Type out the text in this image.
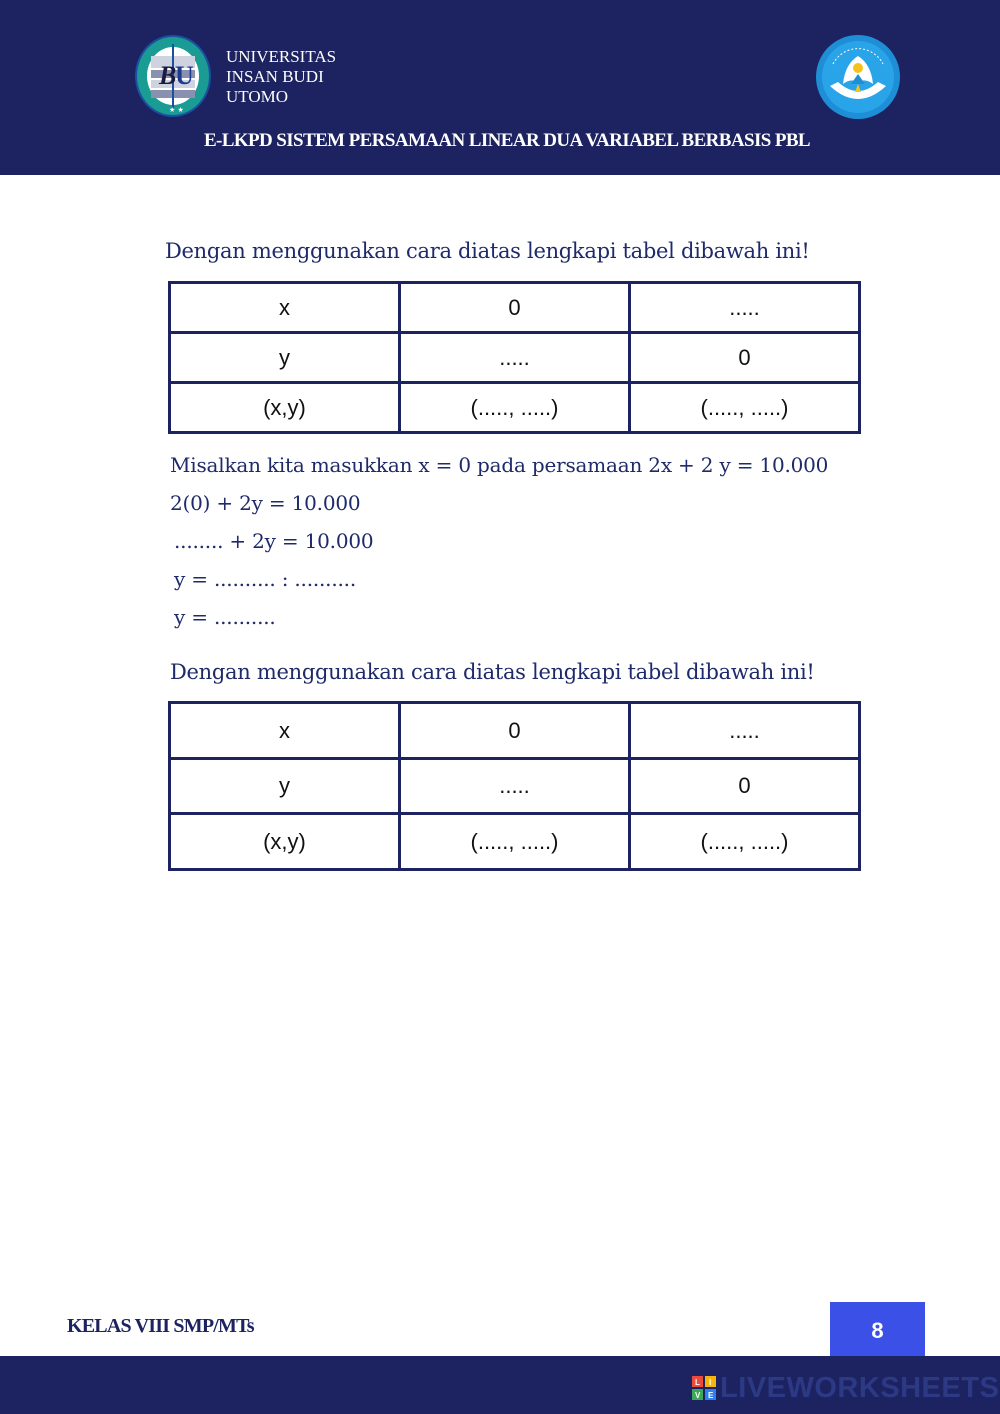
B
U
★ ★
UNIVERSITAS
INSAN BUDI
UTOMO
E-LKPD SISTEM PERSAMAAN LINEAR DUA VARIABEL BERBASIS PBL
Dengan menggunakan cara diatas lengkapi tabel dibawah ini!
x	0	.....
y	.....	0
(x,y)	(....., .....)	(....., .....)
Misalkan kita masukkan x = 0 pada persamaan 2x + 2 y = 10.000
2(0) + 2y = 10.000
........ + 2y = 10.000
y = .......... : ..........
y = ..........
Dengan menggunakan cara diatas lengkapi tabel dibawah ini!
x	0	.....
y	.....	0
(x,y)	(....., .....)	(....., .....)
KELAS VIII SMP/MTs	8
L I
V E LIVEWORKSHEETS
